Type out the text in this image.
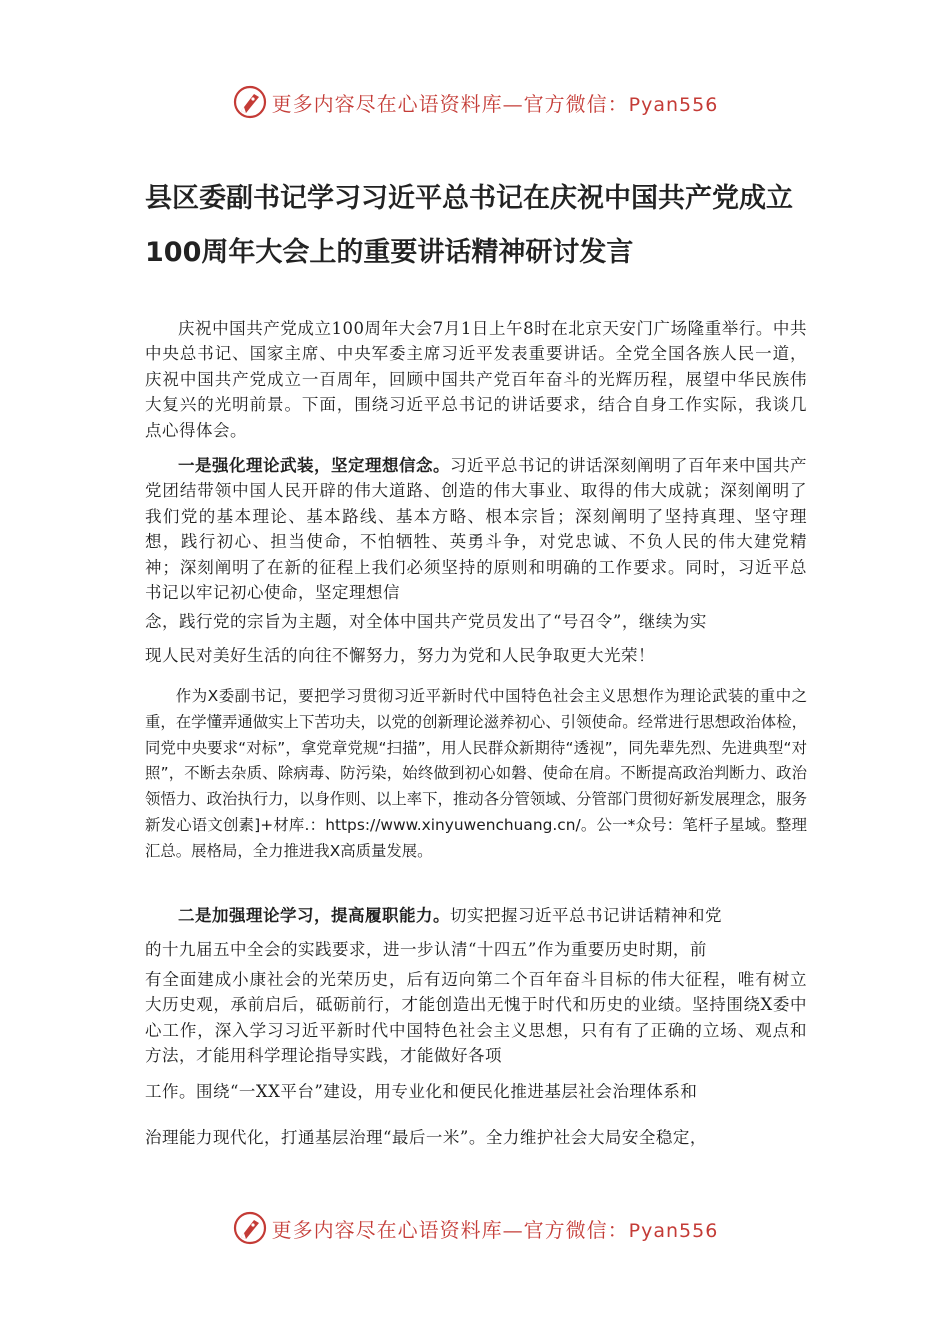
更多内容尽在心语资料库—官方微信：Pyan556
县区委副书记学习习近平总书记在庆祝中国共产党成立100周年大会上的重要讲话精神研讨发言

庆祝中国共产党成立100周年大会7月1日上午8时在北京天安门广场隆重举行。中共中央总书记、国家主席、中央军委主席习近平发表重要讲话。全党全国各族人民一道，庆祝中国共产党成立一百周年，回顾中国共产党百年奋斗的光辉历程，展望中华民族伟大复兴的光明前景。下面，围绕习近平总书记的讲话要求，结合自身工作实际，我谈几点心得体会。

一是强化理论武装，坚定理想信念。习近平总书记的讲话深刻阐明了百年来中国共产党团结带领中国人民开辟的伟大道路、创造的伟大事业、取得的伟大成就；深刻阐明了我们党的基本理论、基本路线、基本方略、根本宗旨；深刻阐明了坚持真理、坚守理想，践行初心、担当使命，不怕牺牲、英勇斗争，对党忠诚、不负人民的伟大建党精神；深刻阐明了在新的征程上我们必须坚持的原则和明确的工作要求。同时，习近平总书记以牢记初心使命，坚定理想信

念，践行党的宗旨为主题，对全体中国共产党员发出了“号召令”，继续为实

现人民对美好生活的向往不懈努力，努力为党和人民争取更大光荣！

作为X委副书记，要把学习贯彻习近平新时代中国特色社会主义思想作为理论武装的重中之重，在学懂弄通做实上下苦功夫，以党的创新理论滋养初心、引领使命。经常进行思想政治体检，同党中央要求“对标”，拿党章党规“扫描”，用人民群众新期待“透视”，同先辈先烈、先进典型“对照”，不断去杂质、除病毒、防污染，始终做到初心如磐、使命在肩。不断提高政治判断力、政治领悟力、政治执行力，以身作则、以上率下，推动各分管领域、分管部门贯彻好新发展理念，服务新发心语文创素]+材库.：https://www.xinyuwenchuang.cn/。公一*众号：笔杆子星域。整理汇总。展格局，全力推进我X高质量发展。

二是加强理论学习，提高履职能力。切实把握习近平总书记讲话精神和党

的十九届五中全会的实践要求，进一步认清“十四五”作为重要历史时期，前

有全面建成小康社会的光荣历史，后有迈向第二个百年奋斗目标的伟大征程，唯有树立大历史观，承前启后，砥砺前行，才能创造出无愧于时代和历史的业绩。坚持围绕X委中心工作，深入学习习近平新时代中国特色社会主义思想，只有有了正确的立场、观点和方法，才能用科学理论指导实践，才能做好各项

工作。围绕“一XX平台”建设，用专业化和便民化推进基层社会治理体系和

治理能力现代化，打通基层治理“最后一米”。全力维护社会大局安全稳定，

更多内容尽在心语资料库—官方微信：Pyan556
